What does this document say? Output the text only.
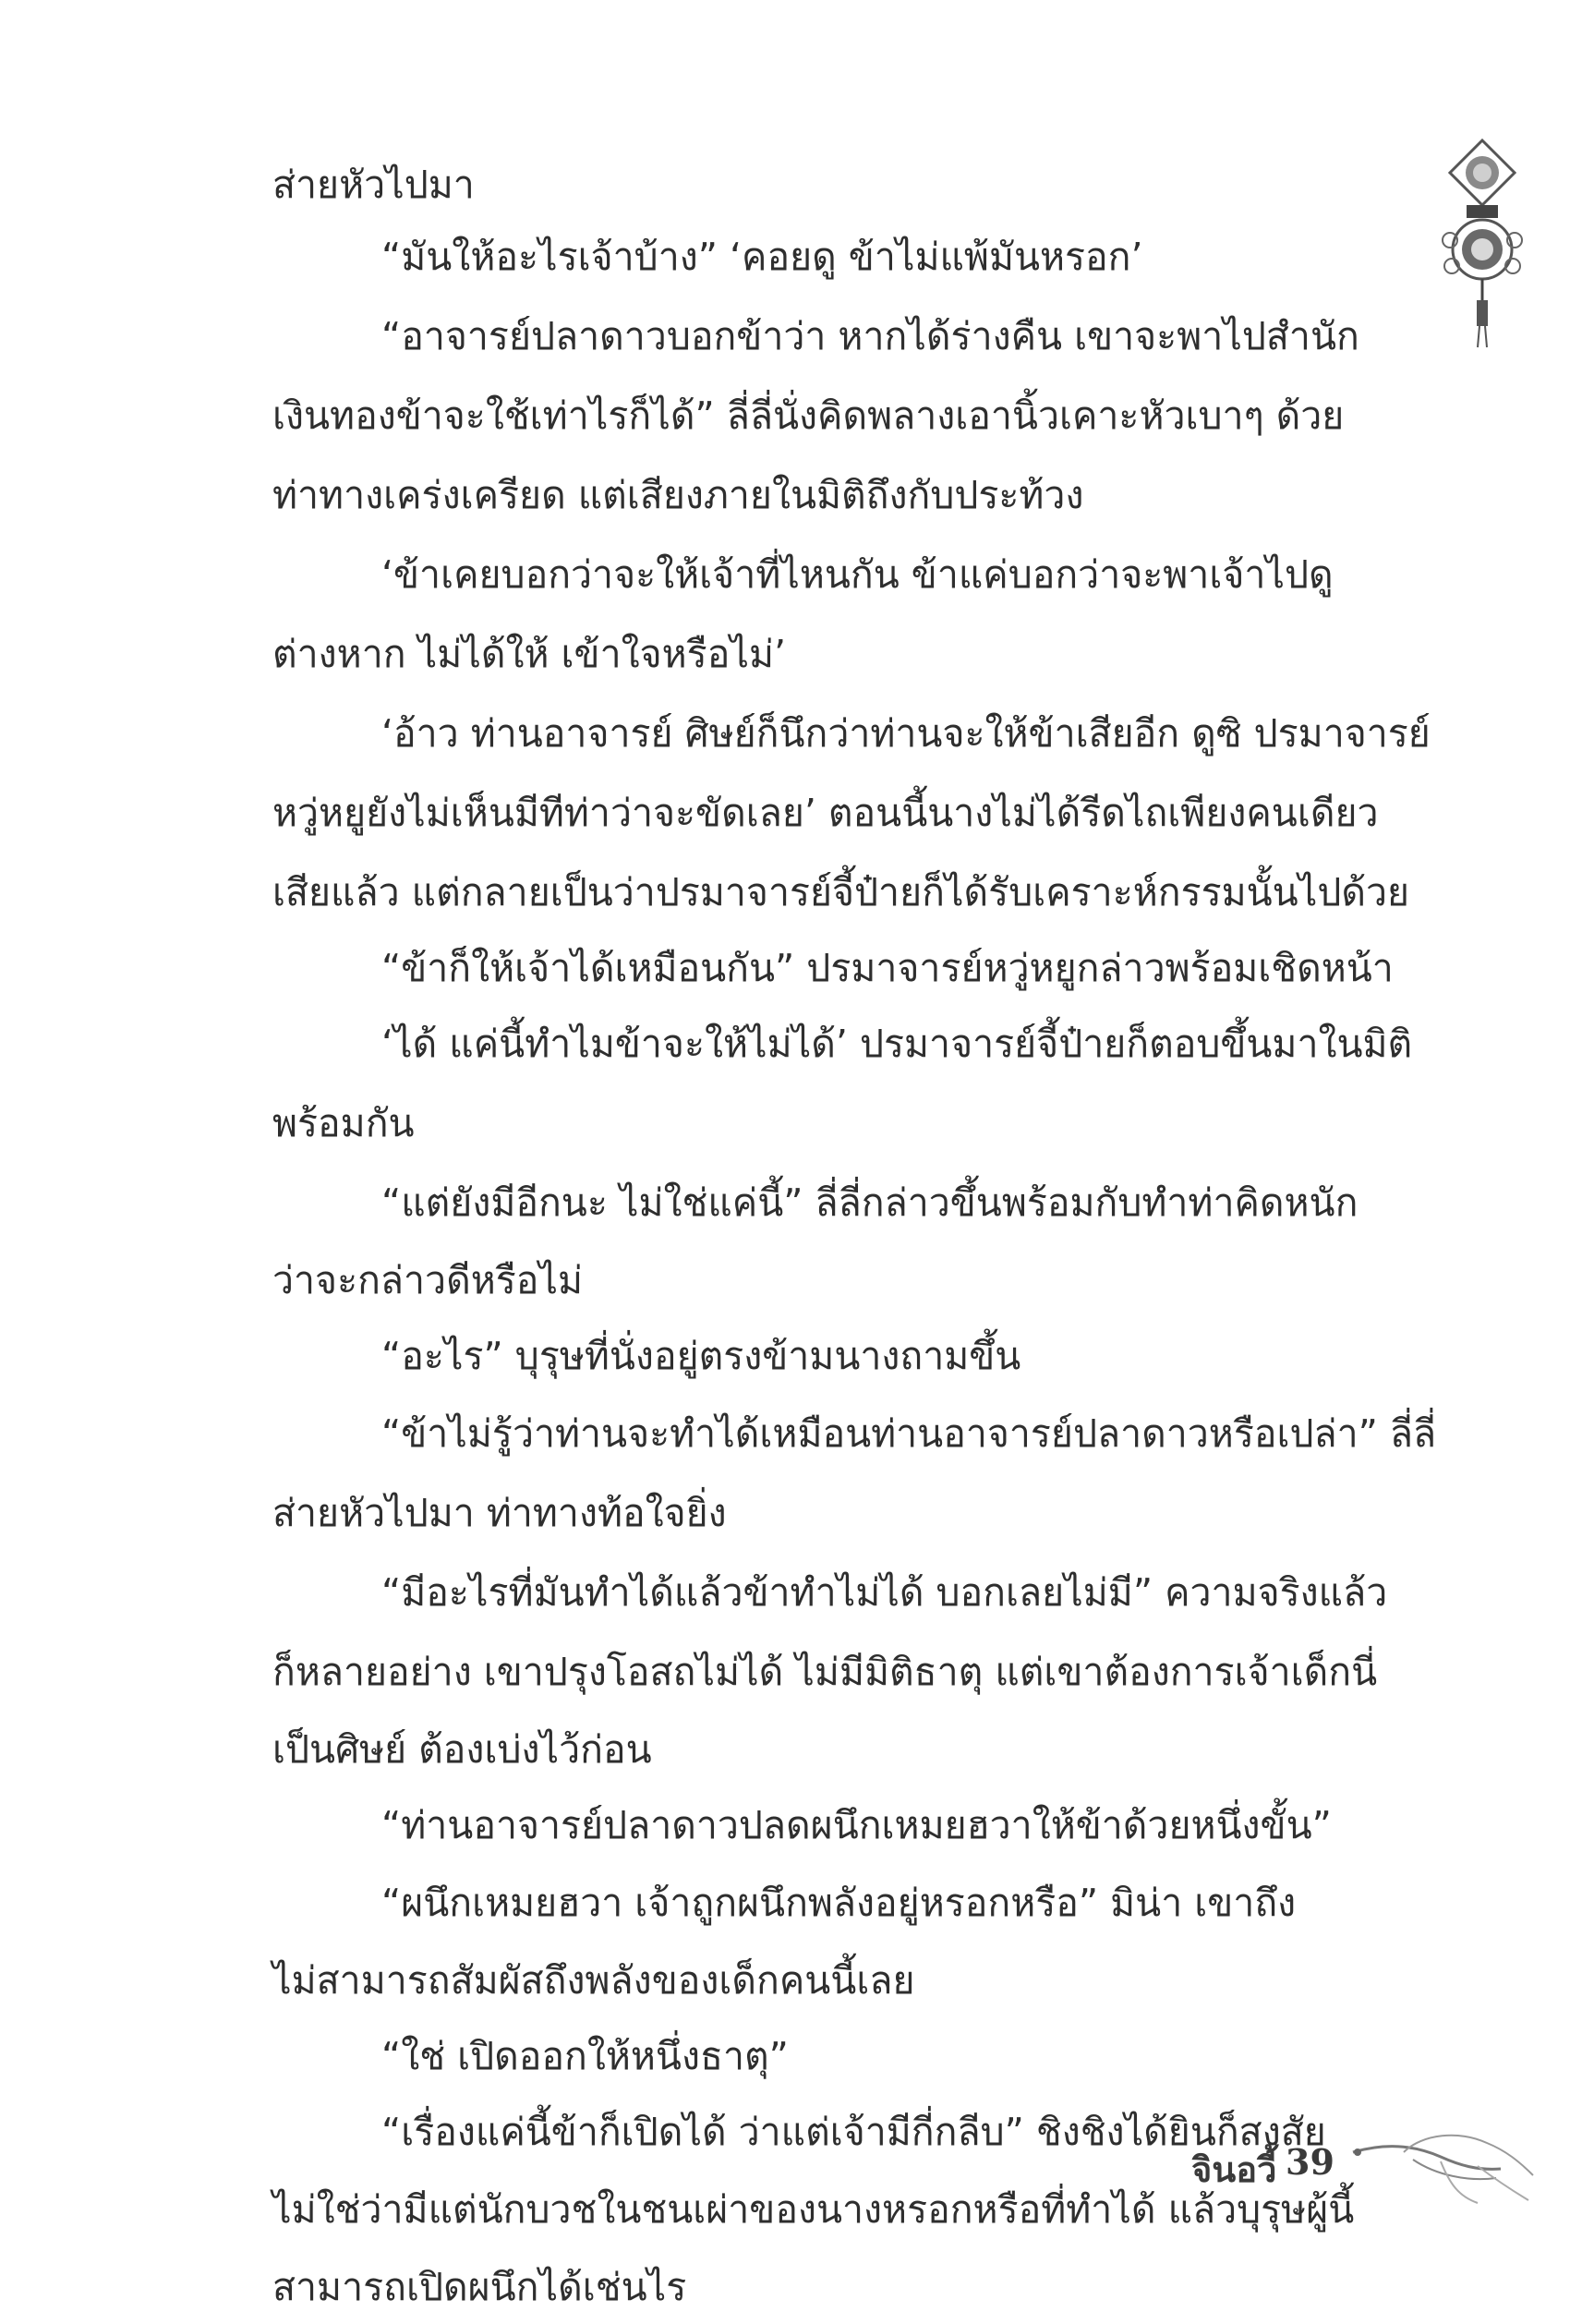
ส่ายหัวไปมา
“มันให้อะไรเจ้าบ้าง” ‘คอยดู ข้าไม่แพ้มันหรอก’
“อาจารย์ปลาดาวบอกข้าว่า หากได้ร่างคืน เขาจะพาไปสำนัก
เงินทองข้าจะใช้เท่าไรก็ได้” ลี่ลี่นั่งคิดพลางเอานิ้วเคาะหัวเบาๆ ด้วย
ท่าทางเคร่งเครียด แต่เสียงภายในมิติถึงกับประท้วง
‘ข้าเคยบอกว่าจะให้เจ้าที่ไหนกัน ข้าแค่บอกว่าจะพาเจ้าไปดู
ต่างหาก ไม่ได้ให้ เข้าใจหรือไม่’
‘อ้าว ท่านอาจารย์ ศิษย์ก็นึกว่าท่านจะให้ข้าเสียอีก ดูซิ ปรมาจารย์
หวู่หยูยังไม่เห็นมีทีท่าว่าจะขัดเลย’ ตอนนี้นางไม่ได้รีดไถเพียงคนเดียว
เสียแล้ว แต่กลายเป็นว่าปรมาจารย์จี้ป๋ายก็ได้รับเคราะห์กรรมนั้นไปด้วย
“ข้าก็ให้เจ้าได้เหมือนกัน” ปรมาจารย์หวู่หยูกล่าวพร้อมเชิดหน้า
‘ได้ แค่นี้ทำไมข้าจะให้ไม่ได้’ ปรมาจารย์จี้ป๋ายก็ตอบขึ้นมาในมิติ
พร้อมกัน
“แต่ยังมีอีกนะ ไม่ใช่แค่นี้” ลี่ลี่กล่าวขึ้นพร้อมกับทำท่าคิดหนัก
ว่าจะกล่าวดีหรือไม่
“อะไร” บุรุษที่นั่งอยู่ตรงข้ามนางถามขึ้น
“ข้าไม่รู้ว่าท่านจะทำได้เหมือนท่านอาจารย์ปลาดาวหรือเปล่า” ลี่ลี่
ส่ายหัวไปมา ท่าทางท้อใจยิ่ง
“มีอะไรที่มันทำได้แล้วข้าทำไม่ได้ บอกเลยไม่มี” ความจริงแล้ว
ก็หลายอย่าง เขาปรุงโอสถไม่ได้ ไม่มีมิติธาตุ แต่เขาต้องการเจ้าเด็กนี่
เป็นศิษย์ ต้องเบ่งไว้ก่อน
“ท่านอาจารย์ปลาดาวปลดผนึกเหมยฮวาให้ข้าด้วยหนึ่งขั้น”
“ผนึกเหมยฮวา เจ้าถูกผนึกพลังอยู่หรอกหรือ” มิน่า เขาถึง
ไม่สามารถสัมผัสถึงพลังของเด็กคนนี้เลย
“ใช่ เปิดออกให้หนึ่งธาตุ”
“เรื่องแค่นี้ข้าก็เปิดได้ ว่าแต่เจ้ามีกี่กลีบ” ชิงชิงได้ยินก็สงสัย
ไม่ใช่ว่ามีแต่นักบวชในชนเผ่าของนางหรอกหรือที่ทำได้ แล้วบุรุษผู้นี้
สามารถเปิดผนึกได้เช่นไร
จินอวี้ 39
